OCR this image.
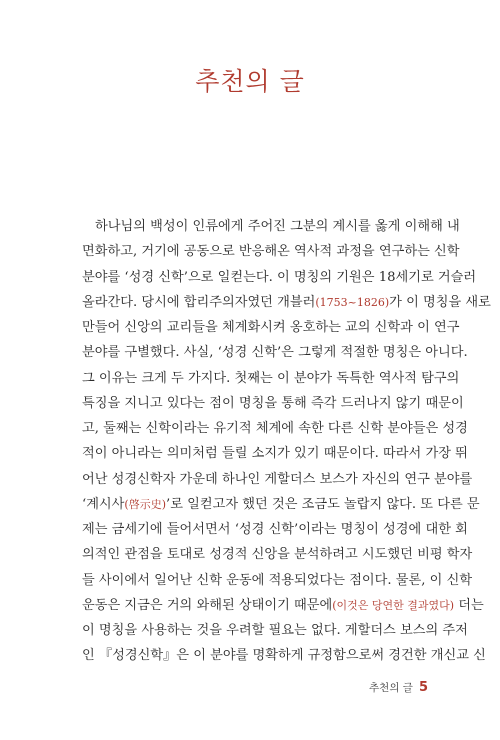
추천의 글
하나님의 백성이 인류에게 주어진 그분의 계시를 옳게 이해해 내
면화하고, 거기에 공동으로 반응해온 역사적 과정을 연구하는 신학
분야를 ‘성경 신학’으로 일컫는다. 이 명칭의 기원은 18세기로 거슬러
올라간다. 당시에 합리주의자였던 개블러(1753~1826)가 이 명칭을 새로
만들어 신앙의 교리들을 체계화시켜 옹호하는 교의 신학과 이 연구
분야를 구별했다. 사실, ‘성경 신학’은 그렇게 적절한 명칭은 아니다.
그 이유는 크게 두 가지다. 첫째는 이 분야가 독특한 역사적 탐구의
특징을 지니고 있다는 점이 명칭을 통해 즉각 드러나지 않기 때문이
고, 둘째는 신학이라는 유기적 체계에 속한 다른 신학 분야들은 성경
적이 아니라는 의미처럼 들릴 소지가 있기 때문이다. 따라서 가장 뛰
어난 성경신학자 가운데 하나인 게할더스 보스가 자신의 연구 분야를
‘계시사(啓示史)’로 일컫고자 했던 것은 조금도 놀랍지 않다. 또 다른 문
제는 금세기에 들어서면서 ‘성경 신학’이라는 명칭이 성경에 대한 회
의적인 관점을 토대로 성경적 신앙을 분석하려고 시도했던 비평 학자
들 사이에서 일어난 신학 운동에 적용되었다는 점이다. 물론, 이 신학
운동은 지금은 거의 와해된 상태이기 때문에(이것은 당연한 결과였다) 더는
이 명칭을 사용하는 것을 우려할 필요는 없다. 게할더스 보스의 주저
인 『성경신학』은 이 분야를 명확하게 규정함으로써 경건한 개신교 신
추천의 글 5
